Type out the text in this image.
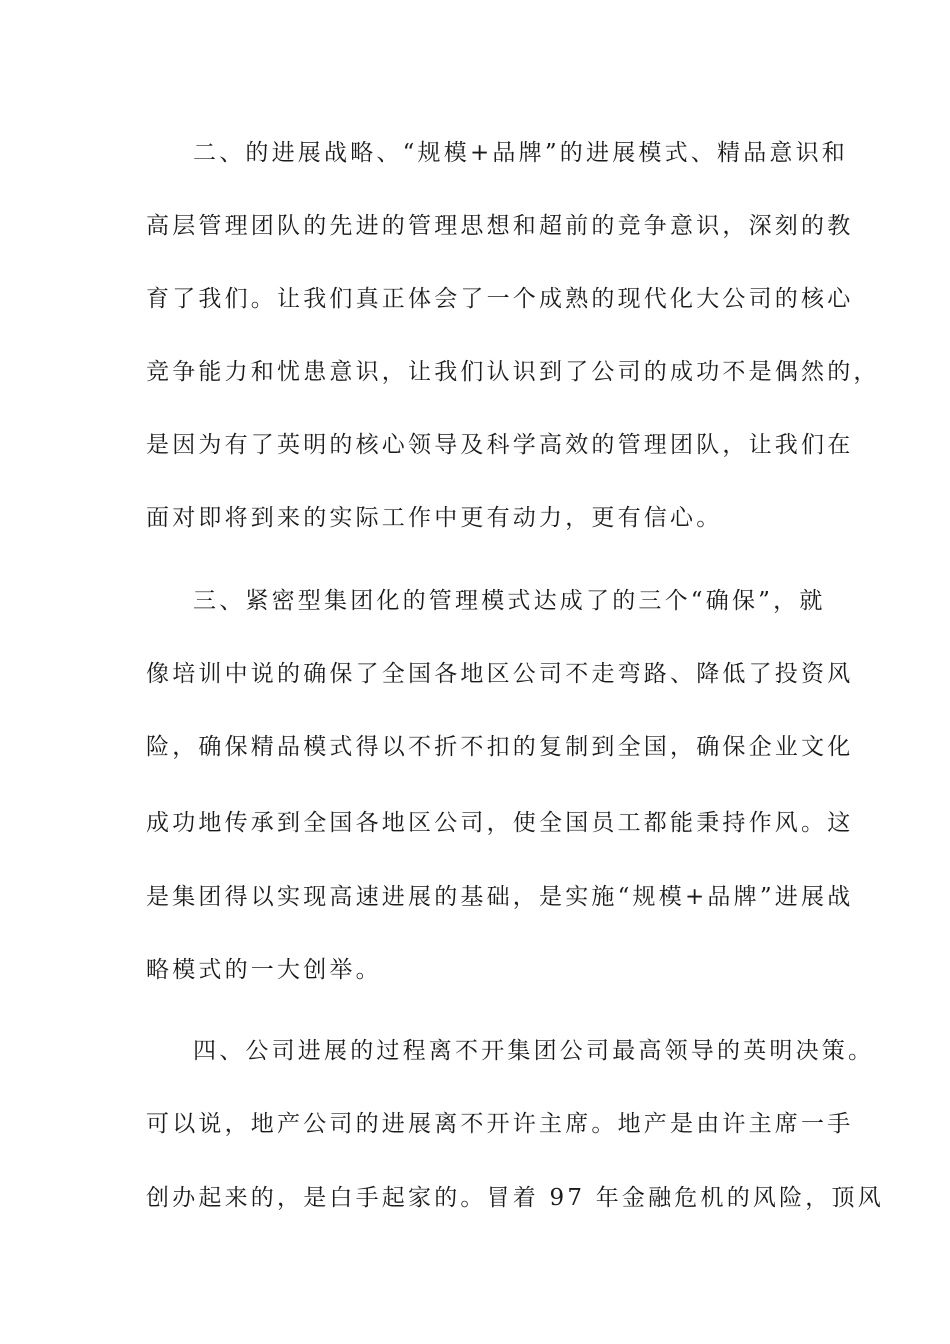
二、的进展战略、“规模+品牌”的进展模式、精品意识和
高层管理团队的先进的管理思想和超前的竞争意识，深刻的教
育了我们。让我们真正体会了一个成熟的现代化大公司的核心
竞争能力和忧患意识，让我们认识到了公司的成功不是偶然的，
是因为有了英明的核心领导及科学高效的管理团队，让我们在
面对即将到来的实际工作中更有动力，更有信心。
三、紧密型集团化的管理模式达成了的三个“确保”，就
像培训中说的确保了全国各地区公司不走弯路、降低了投资风
险，确保精品模式得以不折不扣的复制到全国，确保企业文化
成功地传承到全国各地区公司，使全国员工都能秉持作风。这
是集团得以实现高速进展的基础，是实施“规模+品牌”进展战
略模式的一大创举。
四、公司进展的过程离不开集团公司最高领导的英明决策。
可以说，地产公司的进展离不开许主席。地产是由许主席一手
创办起来的，是白手起家的。冒着 97 年金融危机的风险，顶风
